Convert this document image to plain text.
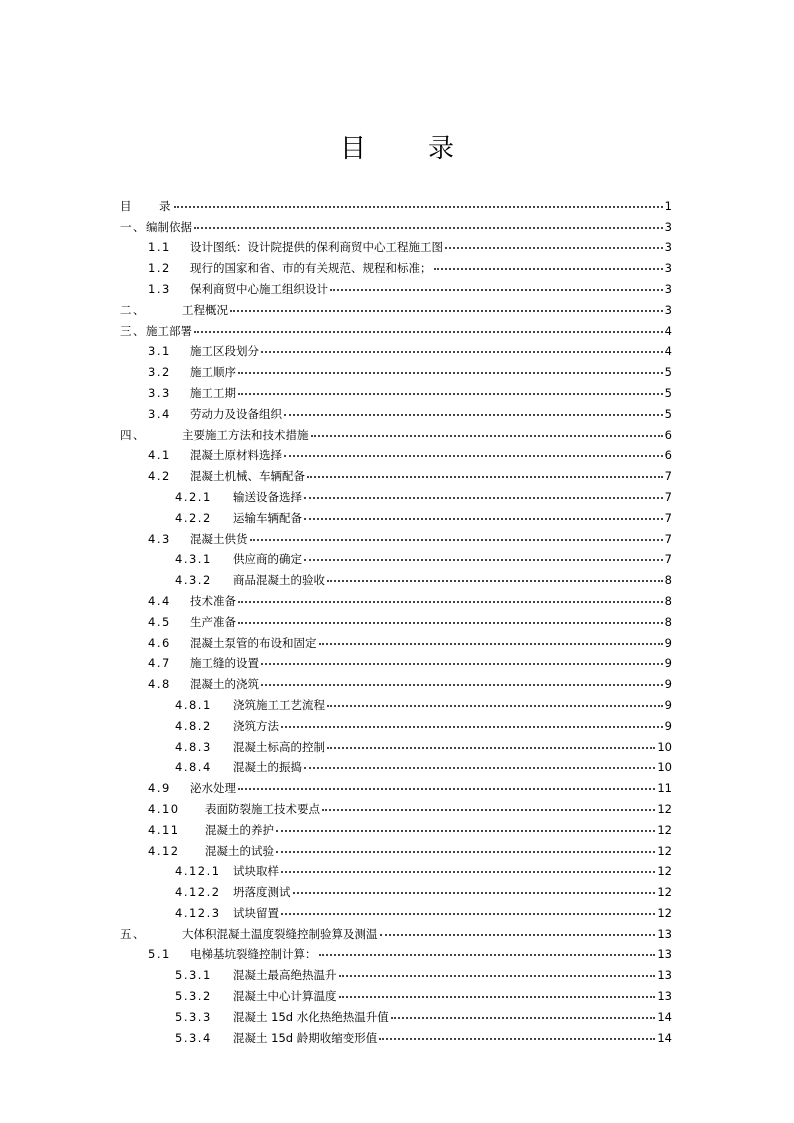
目 录
目　　录	1
一、 编制依据	3
1.1	设计图纸：设计院提供的保利商贸中心工程施工图	3
1.2	现行的国家和省、市的有关规范、规程和标准；	3
1.3	保利商贸中心施工组织设计	3
二、	工程概况	3
三、 施工部署	4
3.1	施工区段划分	4
3.2	施工顺序	5
3.3	施工工期	5
3.4	劳动力及设备组织	5
四、	主要施工方法和技术措施	6
4.1	混凝土原材料选择	6
4.2	混凝土机械、车辆配备	7
4.2.1	输送设备选择	7
4.2.2	运输车辆配备	7
4.3	混凝土供货	7
4.3.1	供应商的确定	7
4.3.2	商品混凝土的验收	8
4.4	技术准备	8
4.5	生产准备	8
4.6	混凝土泵管的布设和固定	9
4.7	施工缝的设置	9
4.8	混凝土的浇筑	9
4.8.1	浇筑施工工艺流程	9
4.8.2	浇筑方法	9
4.8.3	混凝土标高的控制	10
4.8.4	混凝土的振捣	10
4.9	泌水处理	11
4.10	表面防裂施工技术要点	12
4.11	混凝土的养护	12
4.12	混凝土的试验	12
4.12.1	试块取样	12
4.12.2	坍落度测试	12
4.12.3	试块留置	12
五、	大体积混凝土温度裂缝控制验算及测温	13
5.1	电梯基坑裂缝控制计算：	13
5.3.1	混凝土最高绝热温升	13
5.3.2	混凝土中心计算温度	13
5.3.3	混凝土 15d 水化热绝热温升值	14
5.3.4	混凝土 15d 龄期收缩变形值	14
